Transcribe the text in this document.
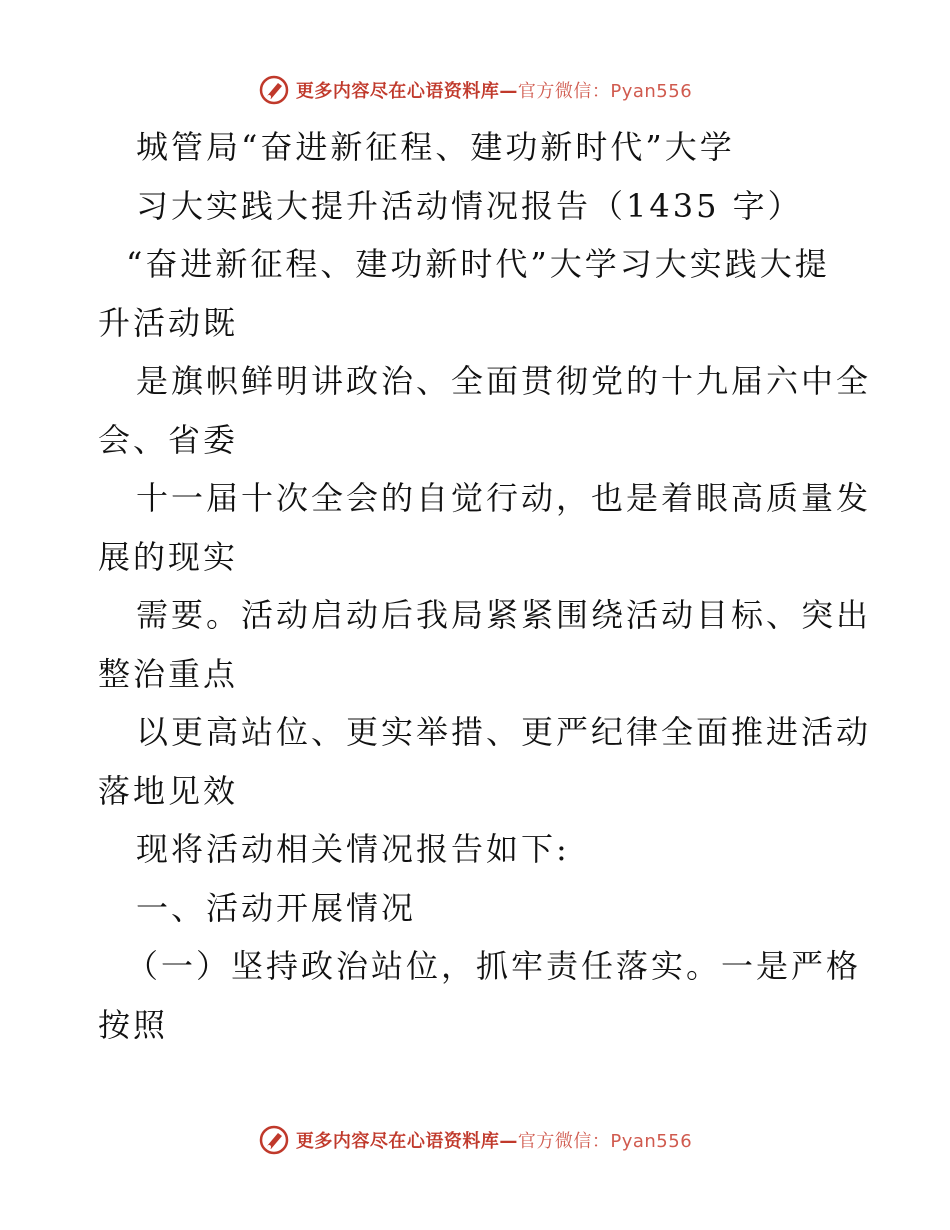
更多内容尽在心语资料库—官方微信：Pyan556
城管局“奋进新征程、建功新时代”大学
习大实践大提升活动情况报告（1435 字）
“奋进新征程、建功新时代”大学习大实践大提
升活动既
是旗帜鲜明讲政治、全面贯彻党的十九届六中全
会、省委
十一届十次全会的自觉行动，也是着眼高质量发
展的现实
需要。活动启动后我局紧紧围绕活动目标、突出
整治重点
以更高站位、更实举措、更严纪律全面推进活动
落地见效
现将活动相关情况报告如下:
一、活动开展情况
（一）坚持政治站位，抓牢责任落实。一是严格
按照
更多内容尽在心语资料库—官方微信：Pyan556
